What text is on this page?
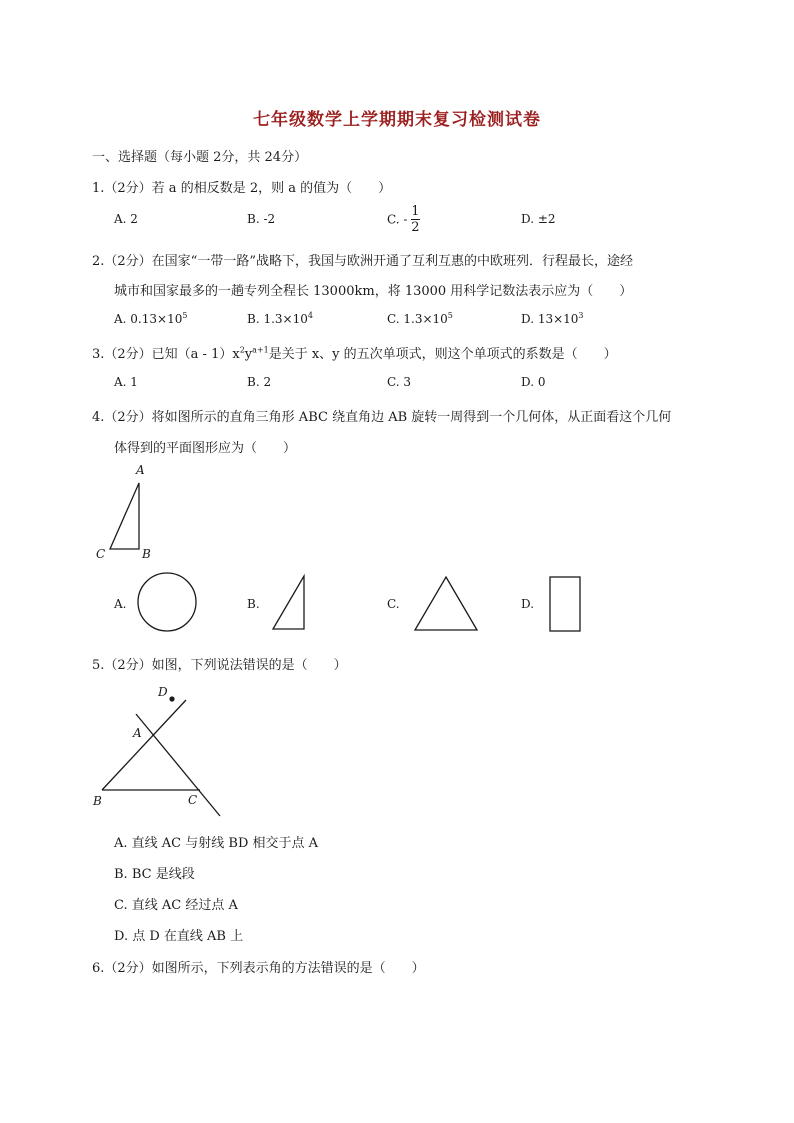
七年级数学上学期期末复习检测试卷
一、选择题（每小题 2分，共 24分）
1.（2分）若 a 的相反数是 2，则 a 的值为（　　）
A. 2	B. -2	C. - $\frac{1}{2}$	D. ±2
2.（2分）在国家“一带一路”战略下，我国与欧洲开通了互利互惠的中欧班列．行程最长，途经
城市和国家最多的一趟专列全程长 13000km，将 13000 用科学记数法表示应为（　　）
A. $0.13\times 10^5$	B. $1.3\times 10^4$	C. $1.3\times 10^5$	D. $13\times 10^3$
3.（2分）已知$(a - 1)x^2y^{a+1}$是关于 x、y 的五次单项式，则这个单项式的系数是（　　）
A. 1	B. 2	C. 3	D. 0
4.（2分）将如图所示的直角三角形 ABC 绕直角边 AB 旋转一周得到一个几何体，从正面看这个几何
体得到的平面图形应为（　　）
A
B
C
A.	B.	C.	D.
5.（2分）如图，下列说法错误的是（　　）
D
A
B	C
A. 直线 AC 与射线 BD 相交于点 A
B. BC 是线段
C. 直线 AC 经过点 A
D. 点 D 在直线 AB 上
6.（2分）如图所示，下列表示角的方法错误的是（　　）
